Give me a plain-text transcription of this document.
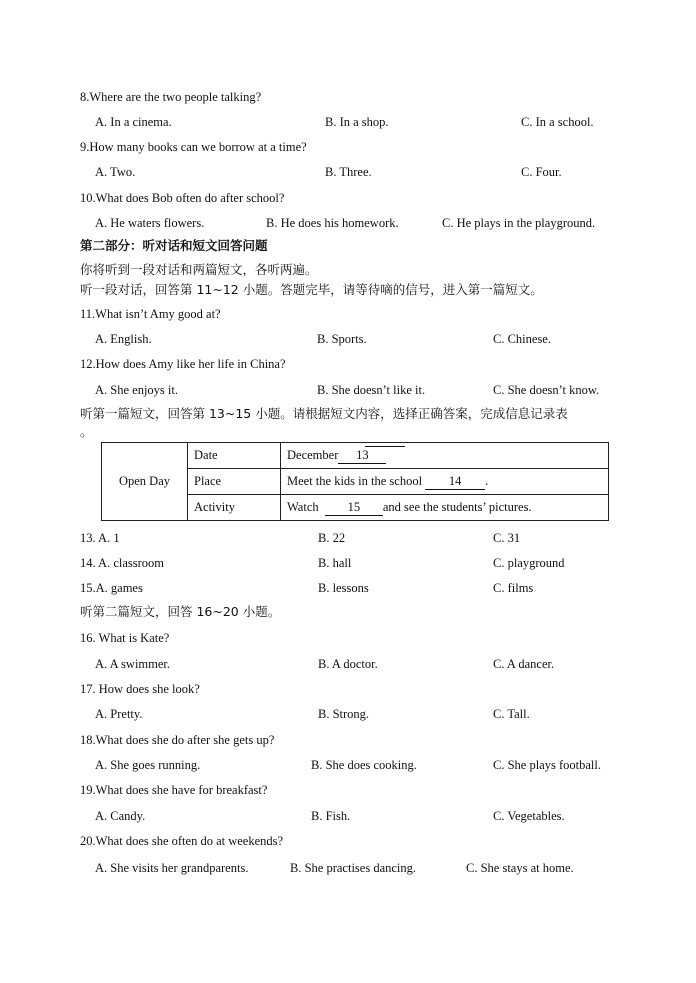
8.Where are the two people talking?
A. In a cinema.	B. In a shop.	C. In a school.
9.How many books can we borrow at a time?
A. Two.	B. Three.	C. Four.
10.What does Bob often do after school?
A. He waters flowers.	B. He does his homework.	C. He plays in the playground.
第二部分：听对话和短文回答问题
你将听到一段对话和两篇短文，各听两遍。
听一段对话，回答第 11~12 小题。答题完毕，请等待嘀的信号，进入第一篇短文。
11.What isn’t Amy good at?
A. English.	B. Sports.	C. Chinese.
12.How does Amy like her life in China?
A. She enjoys it.	B. She doesn’t like it.	C. She doesn’t know.
听第一篇短文，回答第 13~15 小题。请根据短文内容，选择正确答案，完成信息记录表
。
Open Day	Date	December 13
	Place	Meet the kids in the school 14 .
	Activity	Watch  15 and see the students’ pictures.
13. A. 1	B. 22	C. 31
14. A. classroom	B. hall	C. playground
15.A. games	B. lessons	C. films
听第二篇短文，回答 16~20 小题。
16. What is Kate?
A. A swimmer.	B. A doctor.	C. A dancer.
17. How does she look?
A. Pretty.	B. Strong.	C. Tall.
18.What does she do after she gets up?
A. She goes running.	B. She does cooking.	C. She plays football.
19.What does she have for breakfast?
A. Candy.	B. Fish.	C. Vegetables.
20.What does she often do at weekends?
A. She visits her grandparents.	B. She practises dancing.	C. She stays at home.
